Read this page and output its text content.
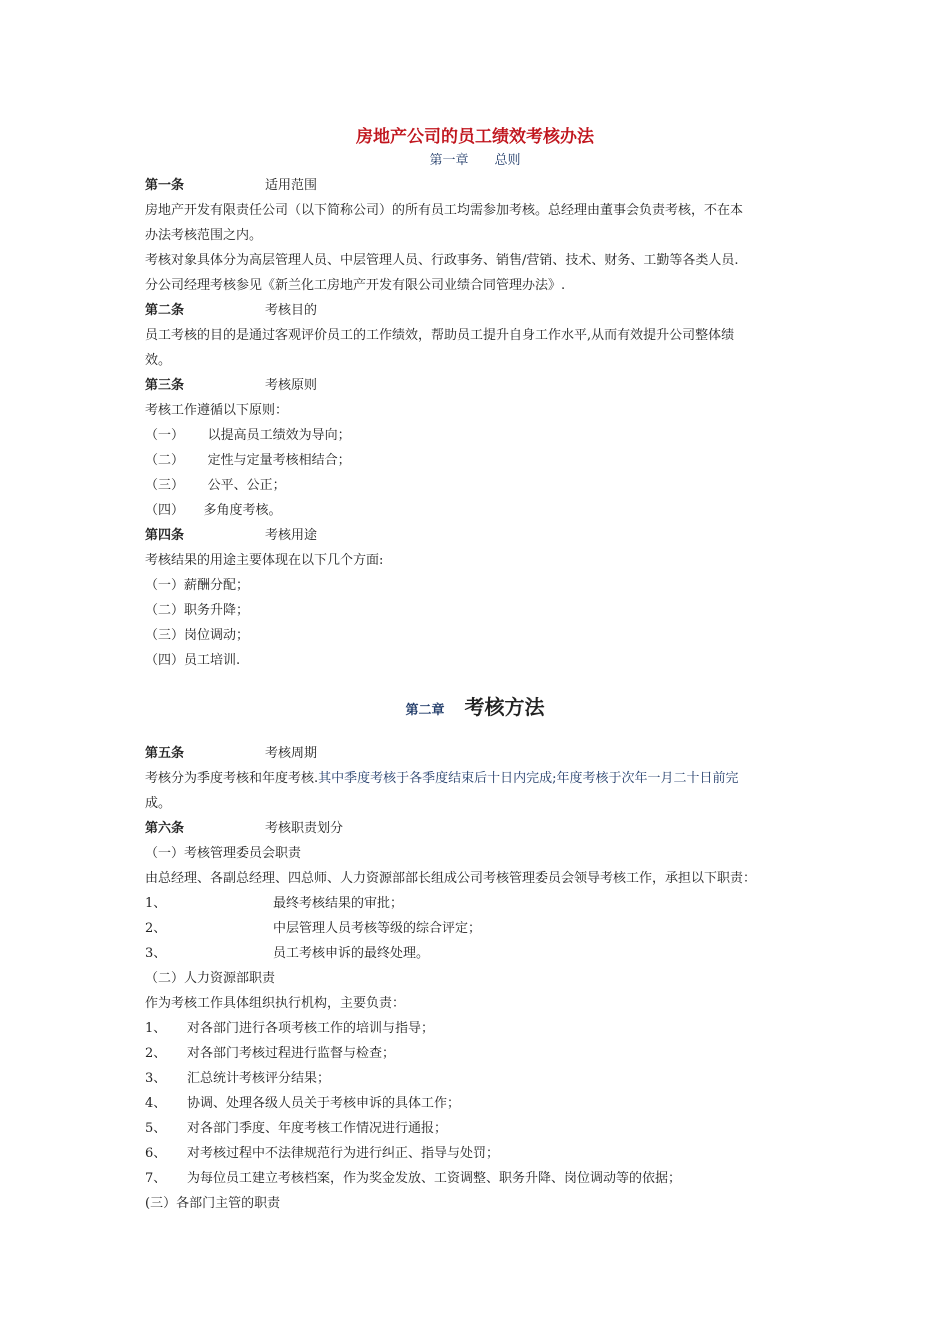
房地产公司的员工绩效考核办法
第一章　　总则
第一条	适用范围
房地产开发有限责任公司（以下简称公司）的所有员工均需参加考核。总经理由董事会负责考核，不在本
办法考核范围之内。
考核对象具体分为高层管理人员、中层管理人员、行政事务、销售/营销、技术、财务、工勤等各类人员.
分公司经理考核参见《新兰化工房地产开发有限公司业绩合同管理办法》.
第二条	考核目的
员工考核的目的是通过客观评价员工的工作绩效，帮助员工提升自身工作水平,从而有效提升公司整体绩
效。
第三条	考核原则
考核工作遵循以下原则：
（一）　　 以提高员工绩效为导向；
（二）　　 定性与定量考核相结合；
（三）　　 公平、公正；
（四）　　多角度考核。
第四条	考核用途
考核结果的用途主要体现在以下几个方面:
（一）薪酬分配；
（二）职务升降；
（三）岗位调动；
（四）员工培训.
第二章 考核方法
第五条	考核周期
考核分为季度考核和年度考核.其中季度考核于各季度结束后十日内完成;年度考核于次年一月二十日前完
成。
第六条	考核职责划分
（一）考核管理委员会职责
由总经理、各副总经理、四总师、人力资源部部长组成公司考核管理委员会领导考核工作，承担以下职责：
1、	最终考核结果的审批；
2、	中层管理人员考核等级的综合评定；
3、	员工考核申诉的最终处理。
（二）人力资源部职责
作为考核工作具体组织执行机构，主要负责：
1、 对各部门进行各项考核工作的培训与指导；
2、 对各部门考核过程进行监督与检查；
3、 汇总统计考核评分结果；
4、 协调、处理各级人员关于考核申诉的具体工作；
5、 对各部门季度、年度考核工作情况进行通报；
6、 对考核过程中不法律规范行为进行纠正、指导与处罚；
7、 为每位员工建立考核档案，作为奖金发放、工资调整、职务升降、岗位调动等的依据；
(三）各部门主管的职责
